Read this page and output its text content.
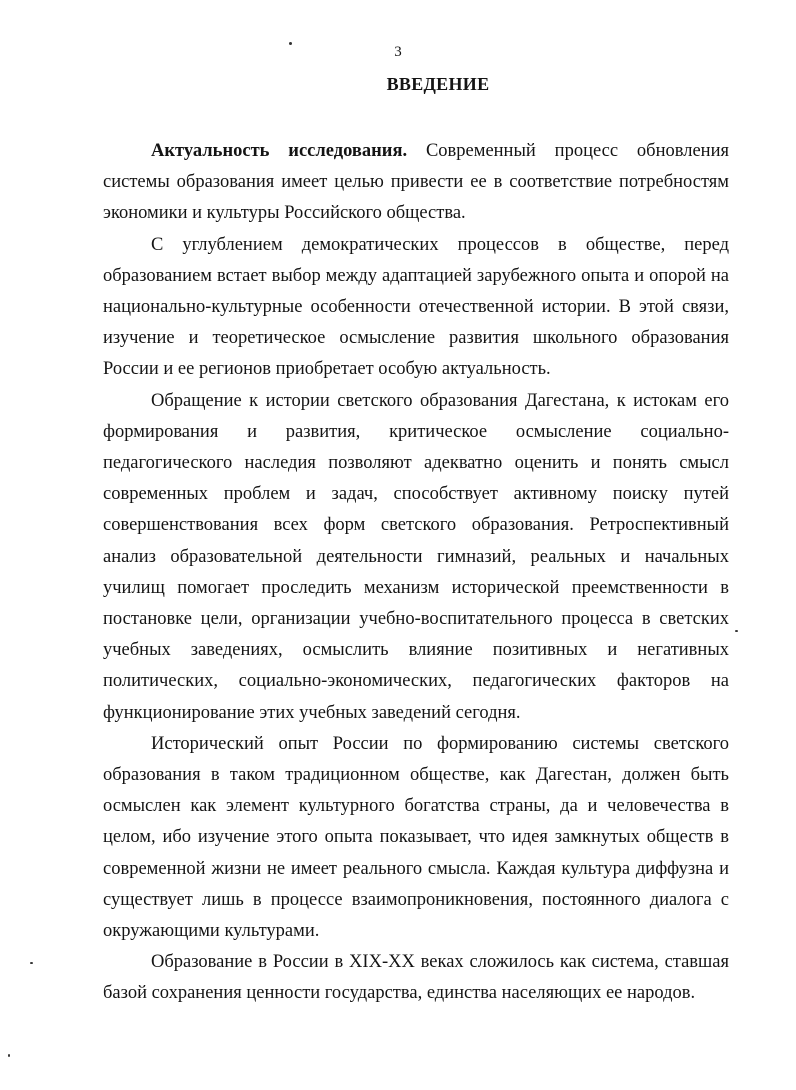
3
ВВЕДЕНИЕ

Актуальность исследования. Современный процесс обновления системы образования имеет целью привести ее в соответствие потребностям экономики и культуры Российского общества.

С углублением демократических процессов в обществе, перед образованием встает выбор между адаптацией зарубежного опыта и опорой на национально-культурные особенности отечественной истории. В этой связи, изучение и теоретическое осмысление развития школьного образования России и ее регионов приобретает особую актуальность.

Обращение к истории светского образования Дагестана, к истокам его формирования и развития, критическое осмысление социально-педагогического наследия позволяют адекватно оценить и понять смысл современных проблем и задач, способствует активному поиску путей совершенствования всех форм светского образования. Ретроспективный анализ образовательной деятельности гимназий, реальных и начальных училищ помогает проследить механизм исторической преемственности в постановке цели, организации учебно-воспитательного процесса в светских учебных заведениях, осмыслить влияние позитивных и негативных политических, социально-экономических, педагогических факторов на функционирование этих учебных заведений сегодня.

Исторический опыт России по формированию системы светского образования в таком традиционном обществе, как Дагестан, должен быть осмыслен как элемент культурного богатства страны, да и человечества в целом, ибо изучение этого опыта показывает, что идея замкнутых обществ в современной жизни не имеет реального смысла. Каждая культура диффузна и существует лишь в процессе взаимопроникновения, постоянного диалога с окружающими культурами.

Образование в России в XIX-XX веках сложилось как система, ставшая базой сохранения ценности государства, единства населяющих ее народов.
